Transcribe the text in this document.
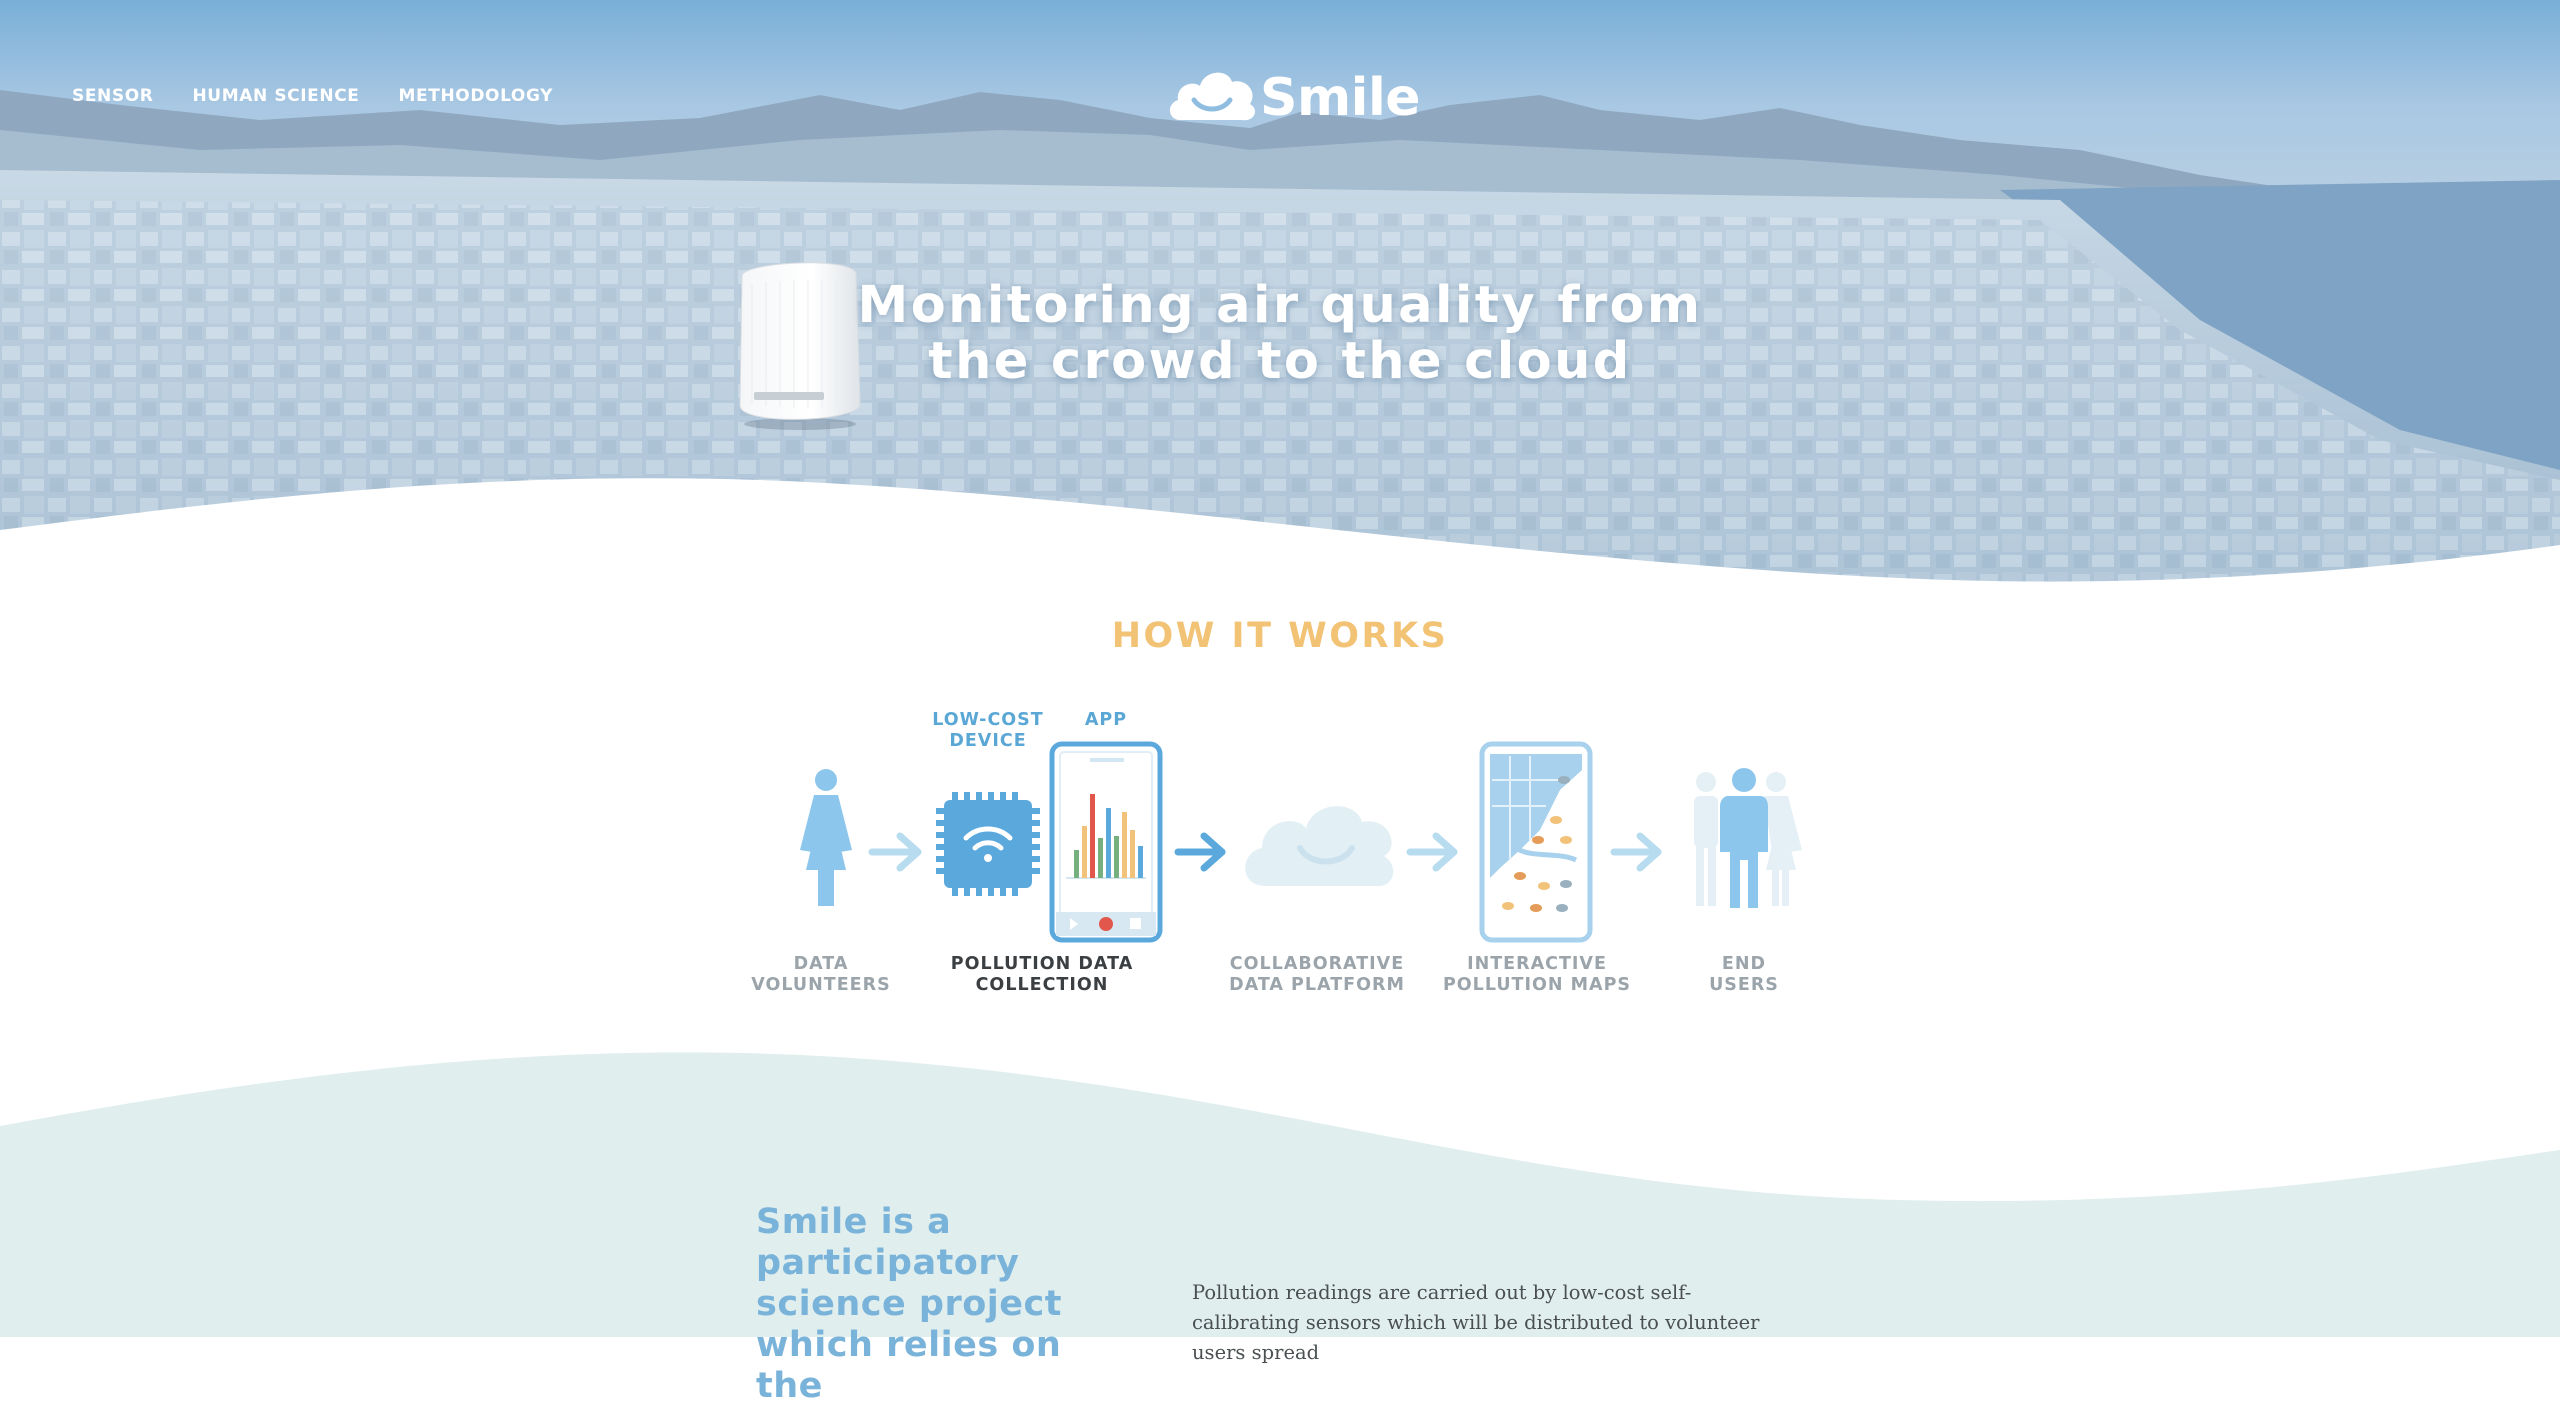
SENSOR HUMAN SCIENCE METHODOLOGY	Smile
Monitoring air quality from
the crowd to the cloud
HOW IT WORKS
LOW-COST
DEVICE
APP
DATA
VOLUNTEERS
POLLUTION DATA
COLLECTION
COLLABORATIVE
DATA PLATFORM
INTERACTIVE
POLLUTION MAPS
END
USERS
Smile is a
participatory
science project
which relies on the
Pollution readings are carried out by low-cost self-calibrating sensors which will be distributed to volunteer users spread
